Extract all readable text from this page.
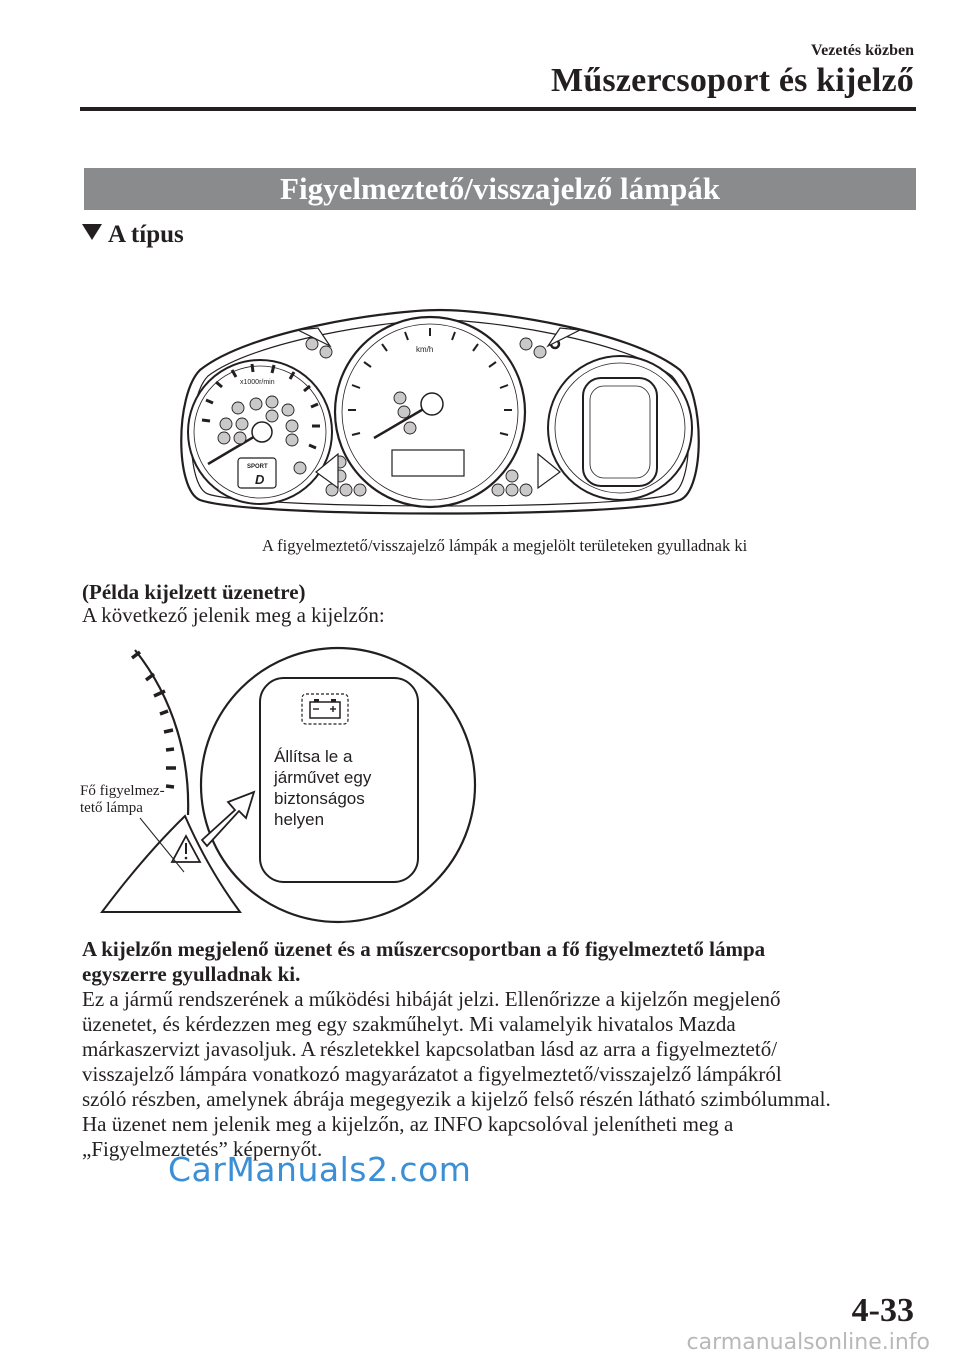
Vezetés közben
Műszercsoport és kijelző
Figyelmeztető/visszajelző lámpák
A típus
x1000r/min
SPORT
D
km/h
A figyelmeztető/visszajelző lámpák a megjelölt területeken gyulladnak ki
(Példa kijelzett üzenetre)
A következő jelenik meg a kijelzőn:
Állítsa le a
járművet egy
biztonságos
helyen
Fő figyelmez-
tető lámpa
A kijelzőn megjelenő üzenet és a műszercsoportban a fő figyelmeztető lámpa
egyszerre gyulladnak ki.

Ez a jármű rendszerének a működési hibáját jelzi. Ellenőrizze a kijelzőn megjelenő

üzenetet, és kérdezzen meg egy szakműhelyt. Mi valamelyik hivatalos Mazda

márkaszervizt javasoljuk. A részletekkel kapcsolatban lásd az arra a figyelmeztető/

visszajelző lámpára vonatkozó magyarázatot a figyelmeztető/visszajelző lámpákról

szóló részben, amelynek ábrája megegyezik a kijelző felső részén látható szimbólummal.

Ha üzenet nem jelenik meg a kijelzőn, az INFO kapcsolóval jelenítheti meg a

„Figyelmeztetés” képernyőt.

CarManuals2.com
4-33
carmanualsonline.info
